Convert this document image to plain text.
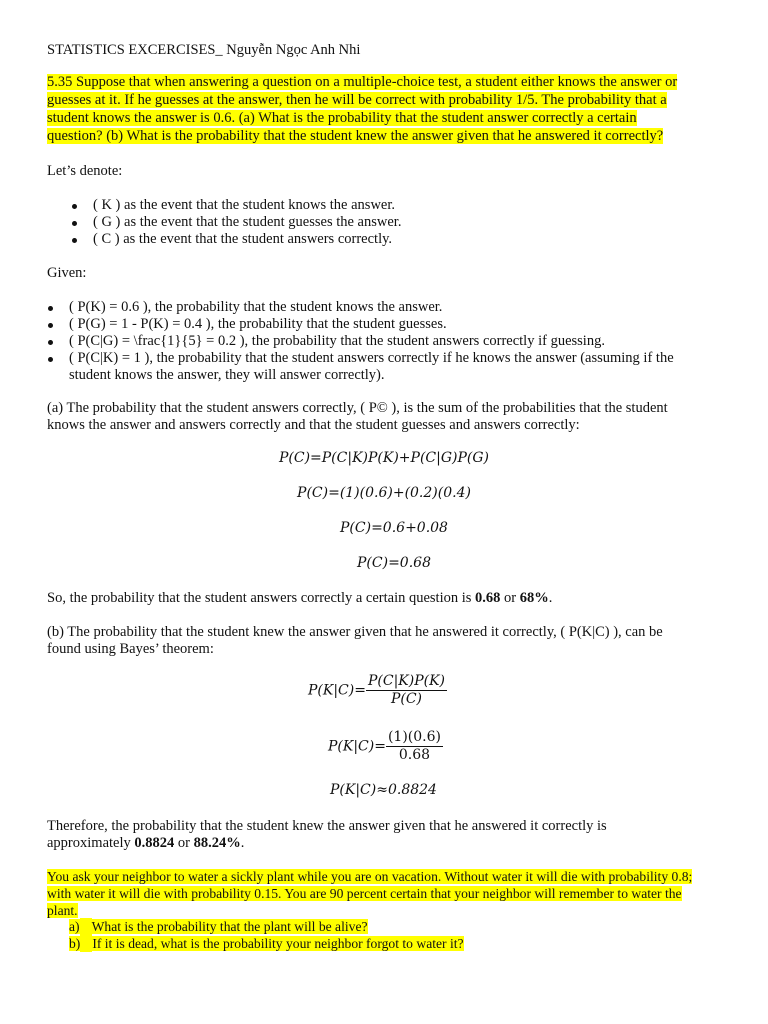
STATISTICS EXCERCISES_ Nguyễn Ngọc Anh Nhi
5.35 Suppose that when answering a question on a multiple-choice test, a student either knows the answer or
guesses at it. If he guesses at the answer, then he will be correct with probability 1/5. The probability that a
student knows the answer is 0.6. (a) What is the probability that the student answer correctly a certain
question? (b) What is the probability that the student knew the answer given that he answered it correctly?
Let’s denote:
( K ) as the event that the student knows the answer.
( G ) as the event that the student guesses the answer.
( C ) as the event that the student answers correctly.
Given:
( P(K) = 0.6 ), the probability that the student knows the answer.
( P(G) = 1 - P(K) = 0.4 ), the probability that the student guesses.
( P(C|G) = \frac{1}{5} = 0.2 ), the probability that the student answers correctly if guessing.
( P(C|K) = 1 ), the probability that the student answers correctly if he knows the answer (assuming if the
student knows the answer, they will answer correctly).
(a) The probability that the student answers correctly, ( P© ), is the sum of the probabilities that the student
knows the answer and answers correctly and that the student guesses and answers correctly:
P(C)=P(C|K)P(K)+P(C|G)P(G)
P(C)=(1)(0.6)+(0.2)(0.4)
P(C)=0.6+0.08
P(C)=0.68
So, the probability that the student answers correctly a certain question is 0.68 or 68%.
(b) The probability that the student knew the answer given that he answered it correctly, ( P(K|C) ), can be
found using Bayes’ theorem:
$P(K|C)= \frac{P(C|K)P(K)}{P(C)}$
$P(K|C)= \frac{(1)(0.6)}{0.68}$
P(K|C)≈0.8824
Therefore, the probability that the student knew the answer given that he answered it correctly is
approximately 0.8824 or 88.24%.
You ask your neighbor to water a sickly plant while you are on vacation. Without water it will die with probability 0.8;
with water it will die with probability 0.15. You are 90 percent certain that your neighbor will remember to water the
plant.
a) What is the probability that the plant will be alive?
b) If it is dead, what is the probability your neighbor forgot to water it?
